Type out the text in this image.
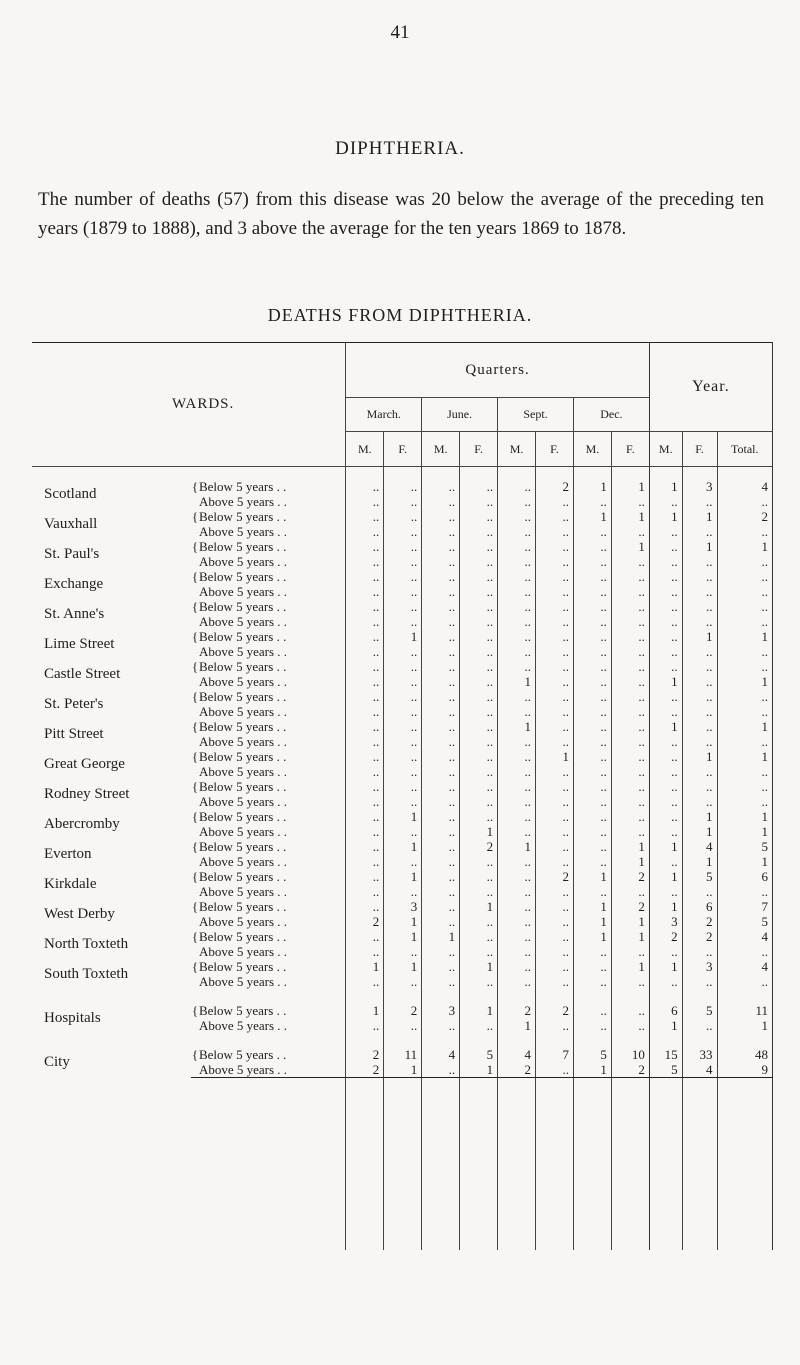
41
DIPHTHERIA.
The number of deaths (57) from this disease was 20 below the average of the preceding ten years (1879 to 1888), and 3 above the average for the ten years 1869 to 1878.
DEATHS FROM DIPHTHERIA.
WARDS.		Quarters.								Year.		
		March.		June.		Sept.		Dec.				
		M.	F.	M.	F.	M.	F.	M.	F.	M.	F.	Total.

Scotland	{Below 5 years . .	..	..	..	..	..	2	1	1	1	3	4
	Above 5 years . .	..	..	..	..	..	..	..	..	..	..	..
Vauxhall	{Below 5 years . .	..	..	..	..	..	..	1	1	1	1	2
	Above 5 years . .	..	..	..	..	..	..	..	..	..	..	..
St. Paul's	{Below 5 years . .	..	..	..	..	..	..	..	1	..	1	1
	Above 5 years . .	..	..	..	..	..	..	..	..	..	..	..
Exchange	{Below 5 years . .	..	..	..	..	..	..	..	..	..	..	..
	Above 5 years . .	..	..	..	..	..	..	..	..	..	..	..
St. Anne's	{Below 5 years . .	..	..	..	..	..	..	..	..	..	..	..
	Above 5 years . .	..	..	..	..	..	..	..	..	..	..	..
Lime Street	{Below 5 years . .	..	1	..	..	..	..	..	..	..	1	1
	Above 5 years . .	..	..	..	..	..	..	..	..	..	..	..
Castle Street	{Below 5 years . .	..	..	..	..	..	..	..	..	..	..	..
	Above 5 years . .	..	..	..	..	1	..	..	..	1	..	1
St. Peter's	{Below 5 years . .	..	..	..	..	..	..	..	..	..	..	..
	Above 5 years . .	..	..	..	..	..	..	..	..	..	..	..
Pitt Street	{Below 5 years . .	..	..	..	..	1	..	..	..	1	..	1
	Above 5 years . .	..	..	..	..	..	..	..	..	..	..	..
Great George	{Below 5 years . .	..	..	..	..	..	1	..	..	..	1	1
	Above 5 years . .	..	..	..	..	..	..	..	..	..	..	..
Rodney Street	{Below 5 years . .	..	..	..	..	..	..	..	..	..	..	..
	Above 5 years . .	..	..	..	..	..	..	..	..	..	..	..
Abercromby	{Below 5 years . .	..	1	..	..	..	..	..	..	..	1	1
	Above 5 years . .	..	..	..	1	..	..	..	..	..	1	1
Everton	{Below 5 years . .	..	1	..	2	1	..	..	1	1	4	5
	Above 5 years . .	..	..	..	..	..	..	..	1	..	1	1
Kirkdale	{Below 5 years . .	..	1	..	..	..	2	1	2	1	5	6
	Above 5 years . .	..	..	..	..	..	..	..	..	..	..	..
West Derby	{Below 5 years . .	..	3	..	1	..	..	1	2	1	6	7
	Above 5 years . .	2	1	..	..	..	..	1	1	3	2	5
North Toxteth	{Below 5 years . .	..	1	1	..	..	..	1	1	2	2	4
	Above 5 years . .	..	..	..	..	..	..	..	..	..	..	..
South Toxteth	{Below 5 years . .	1	1	..	1	..	..	..	1	1	3	4
	Above 5 years . .	..	..	..	..	..	..	..	..	..	..	..

Hospitals	{Below 5 years . .	1	2	3	1	2	2	..	..	6	5	11
	Above 5 years . .	..	..	..	..	1	..	..	..	1	..	1

City	{Below 5 years . .	2	11	4	5	4	7	5	10	15	33	48
	Above 5 years . .	2	1	..	1	2	..	1	2	5	4	9
